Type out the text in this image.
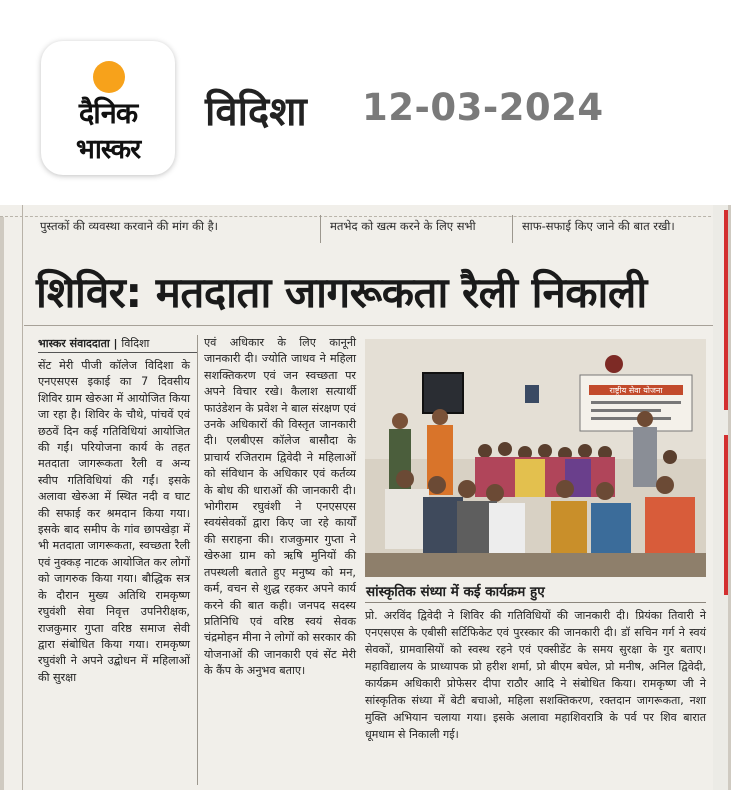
दैनिक
भास्कर
विदिशा 12-03-2024
पुस्तकों की व्यवस्था करवाने की मांग की है।	मतभेद को खत्म करने के लिए सभी	साफ-सफाई किए जाने की बात रखी।
शिविर: मतदाता जागरूकता रैली निकाली
भास्कर संवाददाता | विदिशा

सेंट मेरी पीजी कॉलेज विदिशा के एनएसएस इकाई का 7 दिवसीय शिविर ग्राम खेरुआ में आयोजित किया जा रहा है। शिविर के चौथे, पांचवें एवं छठवें दिन कई गतिविधियां आयोजित की गईं। परियोजना कार्य के तहत मतदाता जागरूकता रैली व अन्य स्वीप गतिविधियां की गईं। इसके अलावा खेरुआ में स्थित नदी व घाट की सफाई कर श्रमदान किया गया। इसके बाद समीप के गांव छापखेड़ा में भी मतदाता जागरूकता, स्वच्छता रैली एवं नुक्कड़ नाटक आयोजित कर लोगों को जागरुक किया गया। बौद्धिक सत्र के दौरान मुख्य अतिथि रामकृष्ण रघुवंशी सेवा निवृत्त उपनिरीक्षक, राजकुमार गुप्ता वरिष्ठ समाज सेवी द्वारा संबोधित किया गया। रामकृष्ण रघुवंशी ने अपने उद्बोधन में महिलाओं की सुरक्षा

एवं अधिकार के लिए कानूनी जानकारी दी। ज्योति जाधव ने महिला सशक्तिकरण एवं जन स्वच्छता पर अपने विचार रखे। कैलाश सत्यार्थी फाउंडेशन के प्रवेश ने बाल संरक्षण एवं उनके अधिकारों की विस्तृत जानकारी दी। एलबीएस कॉलेज बासौदा के प्राचार्य रजितराम द्विवेदी ने महिलाओं को संविधान के अधिकार एवं कर्तव्य के बोध की धाराओं की जानकारी दी। भोगीराम रघुवंशी ने एनएसएस स्वयंसेवकों द्वारा किए जा रहे कार्यों की सराहना की। राजकुमार गुप्ता ने खेरुआ ग्राम को ऋषि मुनियों की तपस्थली बताते हुए मनुष्य को मन, कर्म, वचन से शुद्ध रहकर अपने कार्य करने की बात कही। जनपद सदस्य प्रतिनिधि एवं वरिष्ठ स्वयं सेवक चंद्रमोहन मीना ने लोगों को सरकार की योजनाओं की जानकारी एवं सेंट मेरी के कैंप के अनुभव बताए।

राष्ट्रीय सेवा योजना
सांस्कृतिक संध्या में कई कार्यक्रम हुए
प्रो. अरविंद द्विवेदी ने शिविर की गतिविधियों की जानकारी दी। प्रियंका तिवारी ने एनएसएस के एबीसी सर्टिफिकेट एवं पुरस्कार की जानकारी दी। डॉ सचिन गर्ग ने स्वयं सेवकों, ग्रामवासियों को स्वस्थ रहने एवं एक्सीडेंट के समय सुरक्षा के गुर बताए। महाविद्यालय के प्राध्यापक प्रो हरीश शर्मा, प्रो बीएम बघेल, प्रो मनीष, अनिल द्विवेदी, कार्यक्रम अधिकारी प्रोफेसर दीपा राठौर आदि ने संबोधित किया। रामकृष्ण जी ने सांस्कृतिक संध्या में बेटी बचाओ, महिला सशक्तिकरण, रक्तदान जागरूकता, नशा मुक्ति अभियान चलाया गया। इसके अलावा महाशिवरात्रि के पर्व पर शिव बारात धूमधाम से निकाली गई।
